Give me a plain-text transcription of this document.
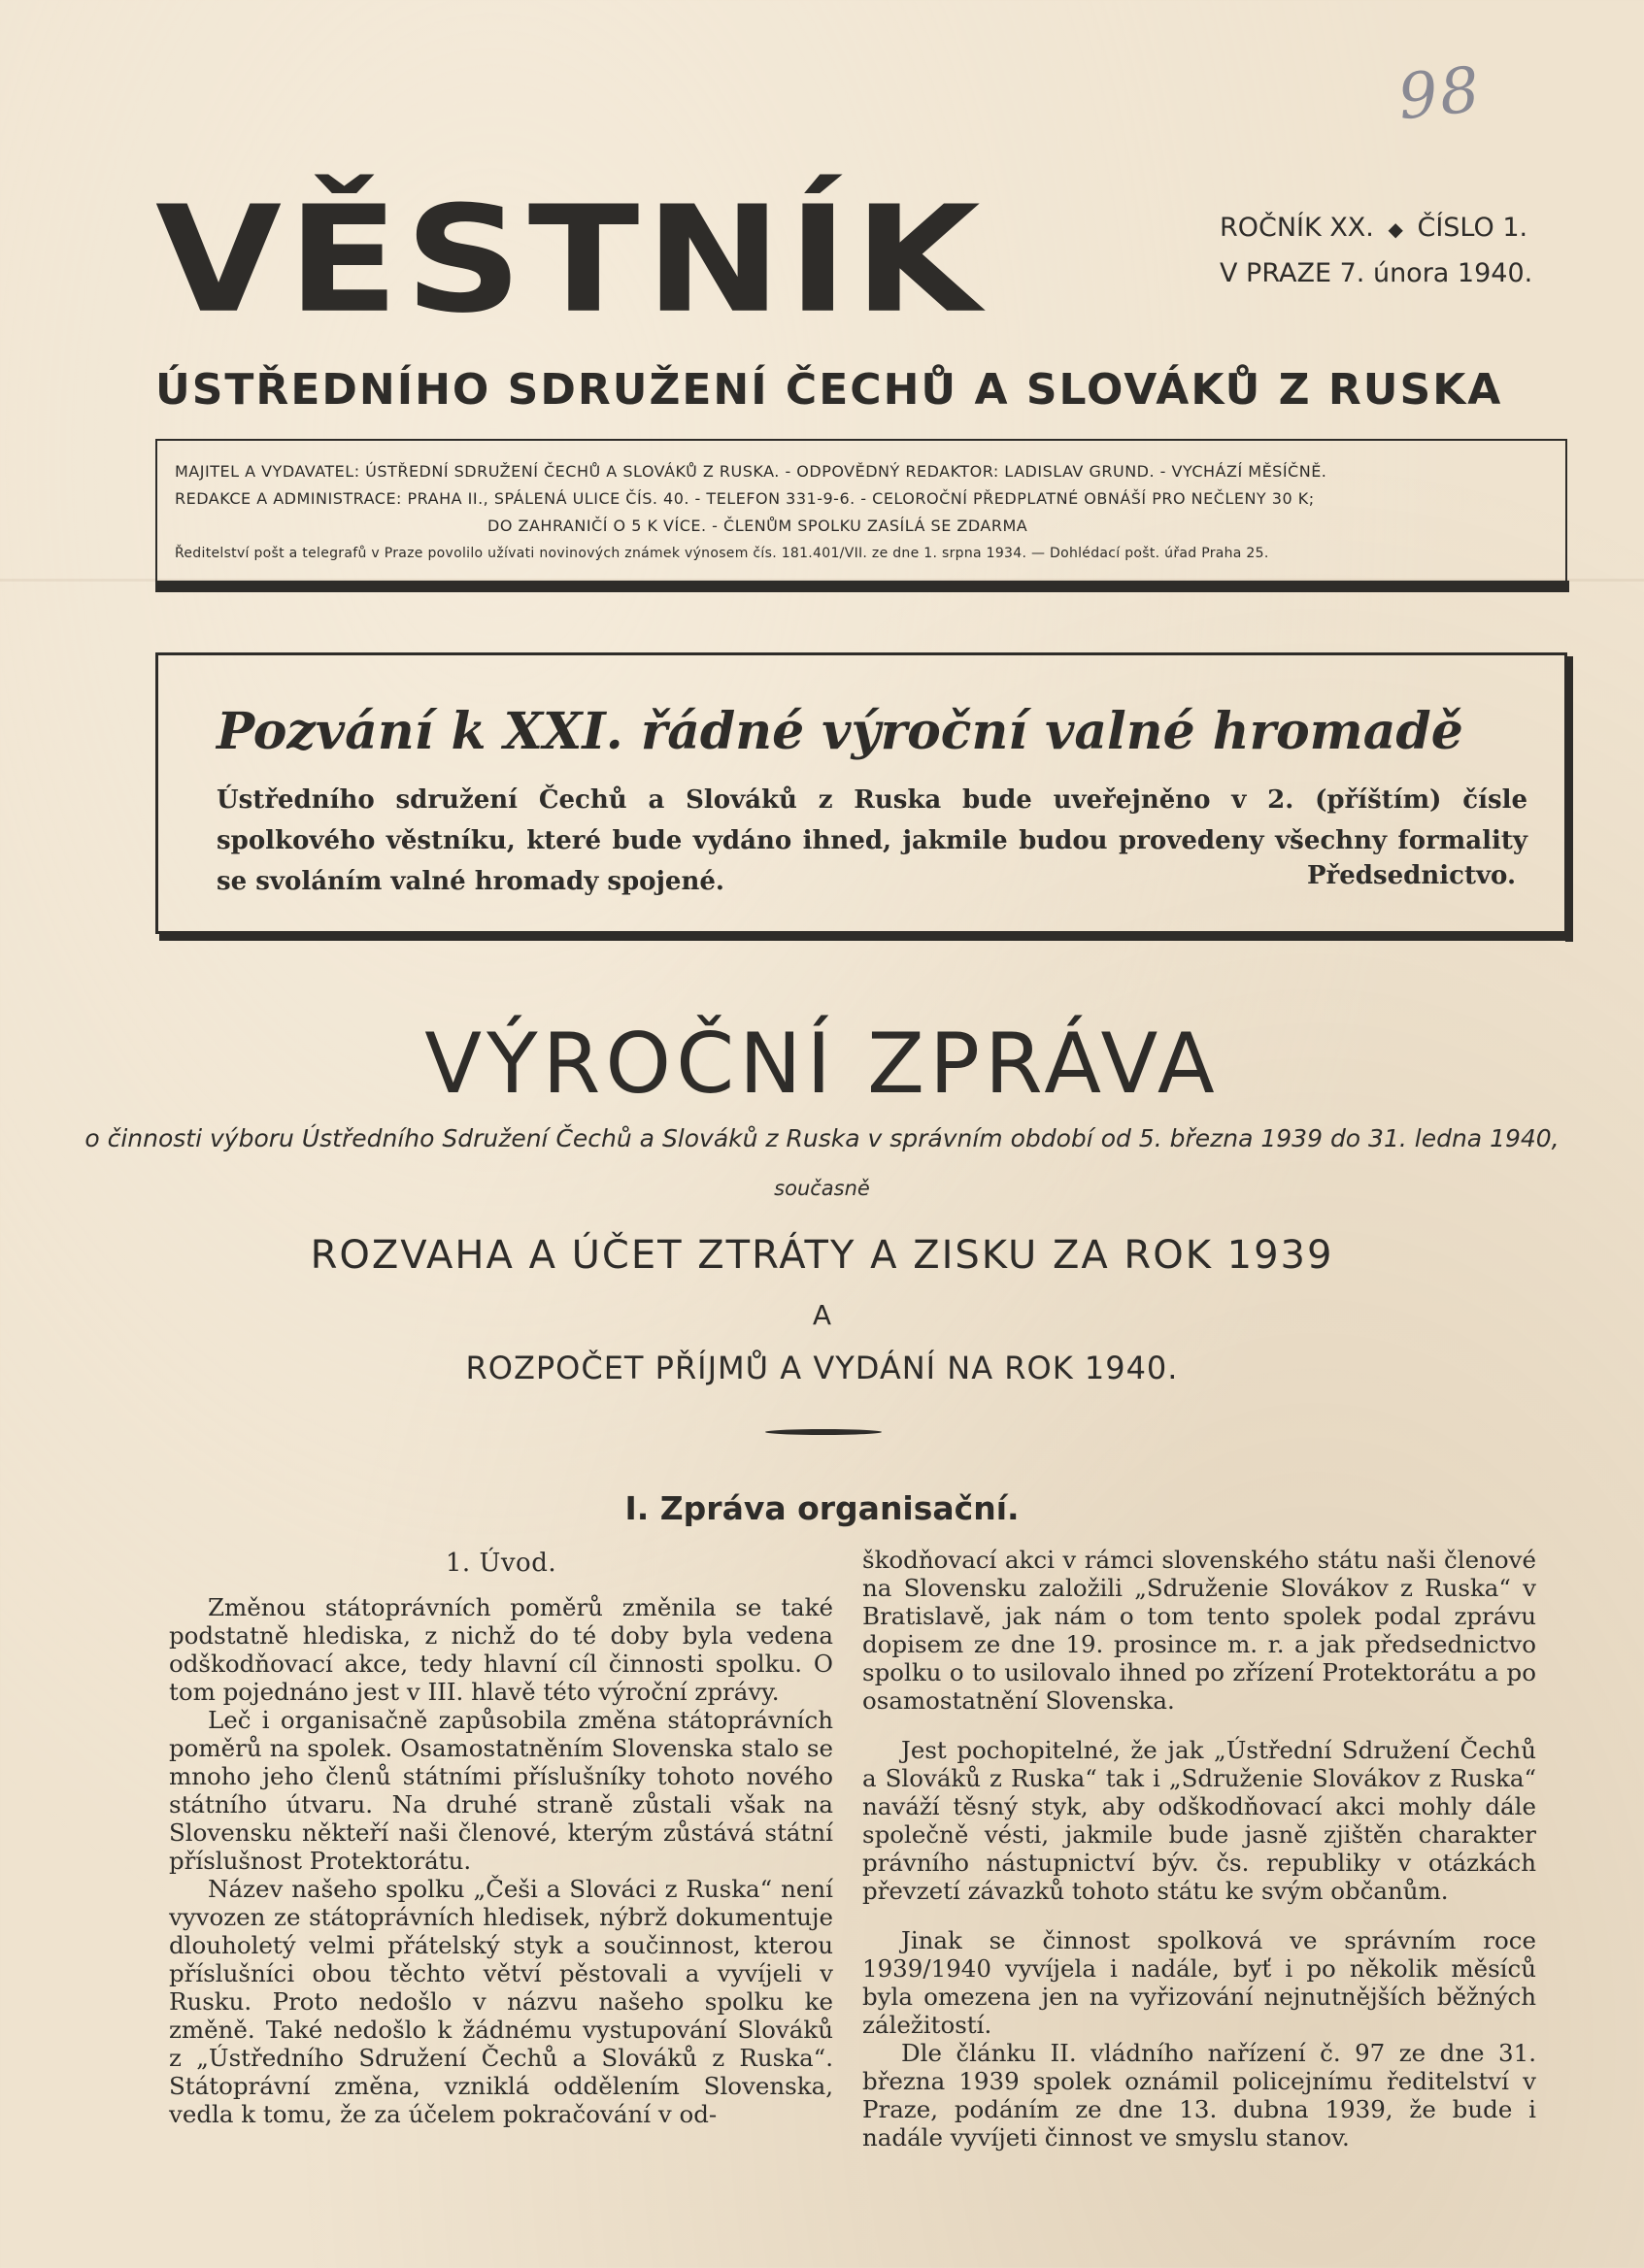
98
VĚSTNÍK	ROČNÍK XX. ◆ ČÍSLO 1.
V PRAZE 7. února 1940.
ÚSTŘEDNÍHO SDRUŽENÍ ČECHŮ A SLOVÁKŮ Z RUSKA
MAJITEL A VYDAVATEL: ÚSTŘEDNÍ SDRUŽENÍ ČECHŮ A SLOVÁKŮ Z RUSKA. - ODPOVĚDNÝ REDAKTOR: LADISLAV GRUND. - VYCHÁZÍ MĚSÍČNĚ.
REDAKCE A ADMINISTRACE: PRAHA II., SPÁLENÁ ULICE ČÍS. 40. - TELEFON 331-9-6. - CELOROČNÍ PŘEDPLATNÉ OBNÁŠÍ PRO NEČLENY 30 K;
DO ZAHRANIČÍ O 5 K VÍCE. - ČLENŮM SPOLKU ZASÍLÁ SE ZDARMA
Ředitelství pošt a telegrafů v Praze povolilo užívati novinových známek výnosem čís. 181.401/VII. ze dne 1. srpna 1934. — Dohlédací pošt. úřad Praha 25.
Pozvání k XXI. řádné výroční valné hromadě
Ústředního sdružení Čechů a Slováků z Ruska bude uveřejněno v 2. (příštím) čísle spolkového věstníku, které bude vydáno ihned, jakmile budou provedeny všechny formality se svoláním valné hromady spojené.	Předsednictvo.
VÝROČNÍ ZPRÁVA
o činnosti výboru Ústředního Sdružení Čechů a Slováků z Ruska v správním období od 5. března 1939 do 31. ledna 1940,
současně
ROZVAHA A ÚČET ZTRÁTY A ZISKU ZA ROK 1939
A
ROZPOČET PŘÍJMŮ A VYDÁNÍ NA ROK 1940.
I. Zpráva organisační.
1. Úvod.

Změnou státoprávních poměrů změnila se také podstatně hlediska, z nichž do té doby byla vedena odškodňovací akce, tedy hlavní cíl činnosti spolku. O tom pojednáno jest v III. hlavě této výroční zprávy.

Leč i organisačně zapůsobila změna státoprávních poměrů na spolek. Osamostatněním Slovenska stalo se mnoho jeho členů státními příslušníky tohoto nového státního útvaru. Na druhé straně zůstali však na Slovensku někteří naši členové, kterým zůstává státní příslušnost Protektorátu.

Název našeho spolku „Češi a Slováci z Ruska“ není vyvozen ze státoprávních hledisek, nýbrž dokumentuje dlouholetý velmi přátelský styk a součinnost, kterou příslušníci obou těchto větví pěstovali a vyvíjeli v Rusku. Proto nedošlo v názvu našeho spolku ke změně. Také nedošlo k žádnému vystupování Slováků z „Ústředního Sdružení Čechů a Slováků z Ruska“. Státoprávní změna, vzniklá oddělením Slovenska, vedla k tomu, že za účelem pokračování v od-

škodňovací akci v rámci slovenského státu naši členové na Slovensku založili „Sdruženie Slovákov z Ruska“ v Bratislavě, jak nám o tom tento spolek podal zprávu dopisem ze dne 19. prosince m. r. a jak předsednictvo spolku o to usilovalo ihned po zřízení Protektorátu a po osamostatnění Slovenska.

Jest pochopitelné, že jak „Ústřední Sdružení Čechů a Slováků z Ruska“ tak i „Sdruženie Slovákov z Ruska“ naváží těsný styk, aby odškodňovací akci mohly dále společně vésti, jakmile bude jasně zjištěn charakter právního nástupnictví býv. čs. republiky v otázkách převzetí závazků tohoto státu ke svým občanům.

Jinak se činnost spolková ve správním roce 1939/1940 vyvíjela i nadále, byť i po několik měsíců byla omezena jen na vyřizování nejnutnějších běžných záležitostí.

Dle článku II. vládního nařízení č. 97 ze dne 31. března 1939 spolek oznámil policejnímu ředitelství v Praze, podáním ze dne 13. dubna 1939, že bude i nadále vyvíjeti činnost ve smyslu stanov.
